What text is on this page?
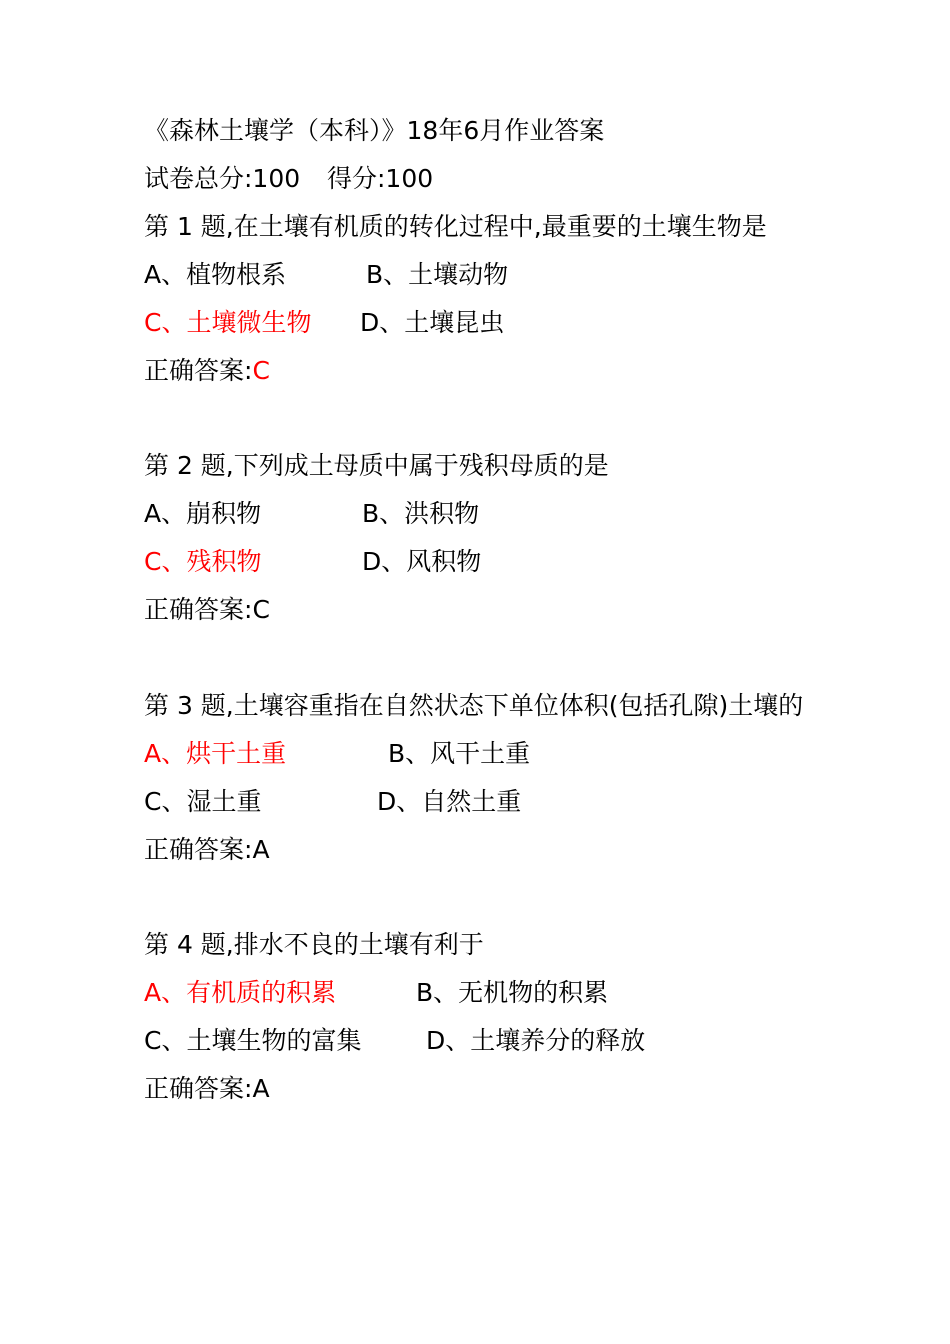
《森林土壤学（本科）》18年6月作业答案
试卷总分:100 得分:100
第 1 题,在土壤有机质的转化过程中,最重要的土壤生物是
A、植物根系	B、土壤动物
C、土壤微生物 D、土壤昆虫
正确答案:C
第 2 题,下列成土母质中属于残积母质的是
A、崩积物	B、洪积物
C、残积物	D、风积物
正确答案:C
第 3 题,土壤容重指在自然状态下单位体积(包括孔隙)土壤的
A、烘干土重	B、风干土重
C、湿土重	D、自然土重
正确答案:A
第 4 题,排水不良的土壤有利于
A、有机质的积累	B、无机物的积累
C、土壤生物的富集	D、土壤养分的释放
正确答案:A
